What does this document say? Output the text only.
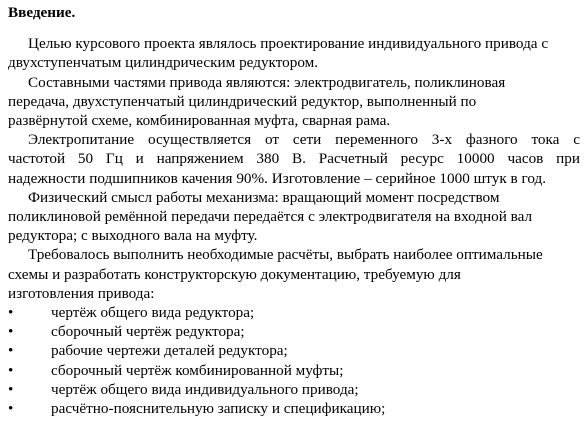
Введение.
Целью курсового проекта являлось проектирование индивидуального привода с
двухступенчатым цилиндрическим редуктором.
Составными частями привода являются: электродвигатель, поликлиновая
передача, двухступенчатый цилиндрический редуктор, выполненный по
развёрнутой схеме, комбинированная муфта, сварная рама.
Электропитание осуществляется от сети переменного 3-х фазного тока с
частотой 50 Гц и напряжением 380 В. Расчетный ресурс 10000 часов при
надежности подшипников качения 90%. Изготовление – серийное 1000 штук в год.
Физический смысл работы механизма: вращающий момент посредством
поликлиновой ремённой передачи передаётся с электродвигателя на входной вал
редуктора; с выходного вала на муфту.
Требовалось выполнить необходимые расчёты, выбрать наиболее оптимальные
схемы и разработать конструкторскую документацию, требуемую для
изготовления привода:
•	чертёж общего вида редуктора;
•	сборочный чертёж редуктора;
•	рабочие чертежи деталей редуктора;
•	сборочный чертёж комбинированной муфты;
•	чертёж общего вида индивидуального привода;
•	расчётно-пояснительную записку и спецификацию;
